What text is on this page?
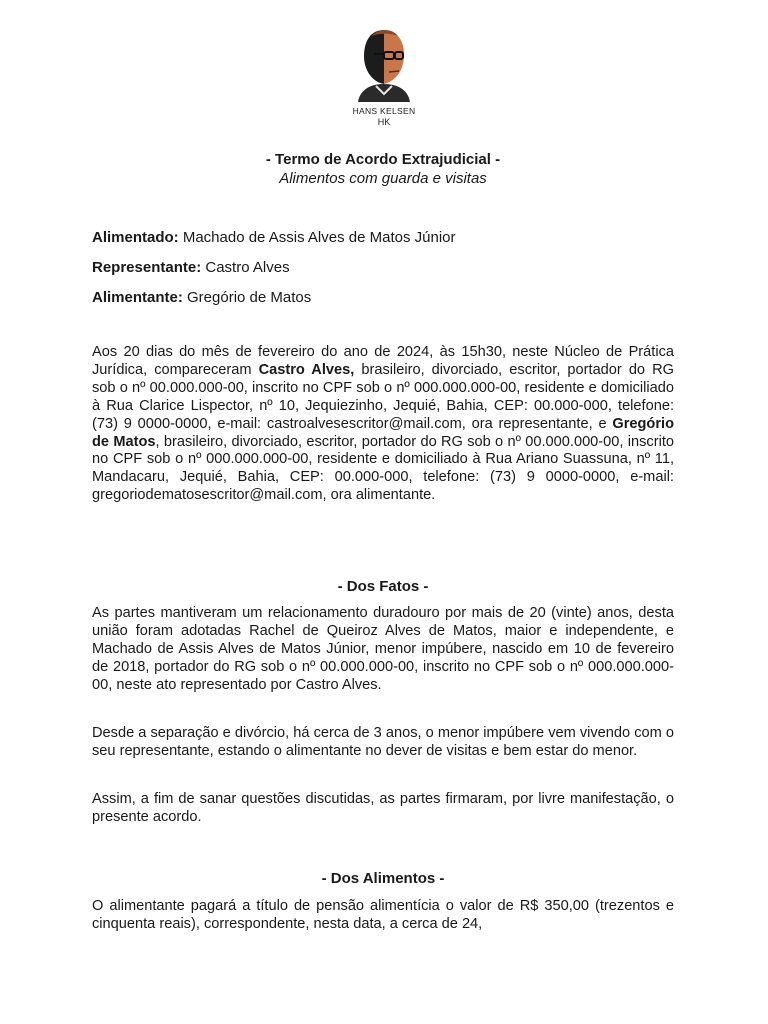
HANS KELSEN
HK
- Termo de Acordo Extrajudicial -
Alimentos com guarda e visitas
Alimentado: Machado de Assis Alves de Matos Júnior
Representante: Castro Alves
Alimentante: Gregório de Matos

Aos 20 dias do mês de fevereiro do ano de 2024, às 15h30, neste Núcleo de Prática Jurídica, compareceram Castro Alves, brasileiro, divorciado, escritor, portador do RG sob o nº 00.000.000-00, inscrito no CPF sob o nº 000.000.000-00, residente e domiciliado à Rua Clarice Lispector, nº 10, Jequiezinho, Jequié, Bahia, CEP: 00.000-000, telefone: (73) 9 0000-0000, e-mail: castroalvesescritor@mail.com, ora representante, e Gregório de Matos, brasileiro, divorciado, escritor, portador do RG sob o nº 00.000.000-00, inscrito no CPF sob o nº 000.000.000-00, residente e domiciliado à Rua Ariano Suassuna, nº 11, Mandacaru, Jequié, Bahia, CEP: 00.000-000, telefone: (73) 9 0000-0000, e-mail: gregoriodematosescritor@mail.com, ora alimentante.

- Dos Fatos -

As partes mantiveram um relacionamento duradouro por mais de 20 (vinte) anos, desta união foram adotadas Rachel de Queiroz Alves de Matos, maior e independente, e Machado de Assis Alves de Matos Júnior, menor impúbere, nascido em 10 de fevereiro de 2018, portador do RG sob o nº 00.000.000-00, inscrito no CPF sob o nº 000.000.000-00, neste ato representado por Castro Alves.

Desde a separação e divórcio, há cerca de 3 anos, o menor impúbere vem vivendo com o seu representante, estando o alimentante no dever de visitas e bem estar do menor.

Assim, a fim de sanar questões discutidas, as partes firmaram, por livre manifestação, o presente acordo.

- Dos Alimentos -

O alimentante pagará a título de pensão alimentícia o valor de R$ 350,00 (trezentos e cinquenta reais), correspondente, nesta data, a cerca de 24,
